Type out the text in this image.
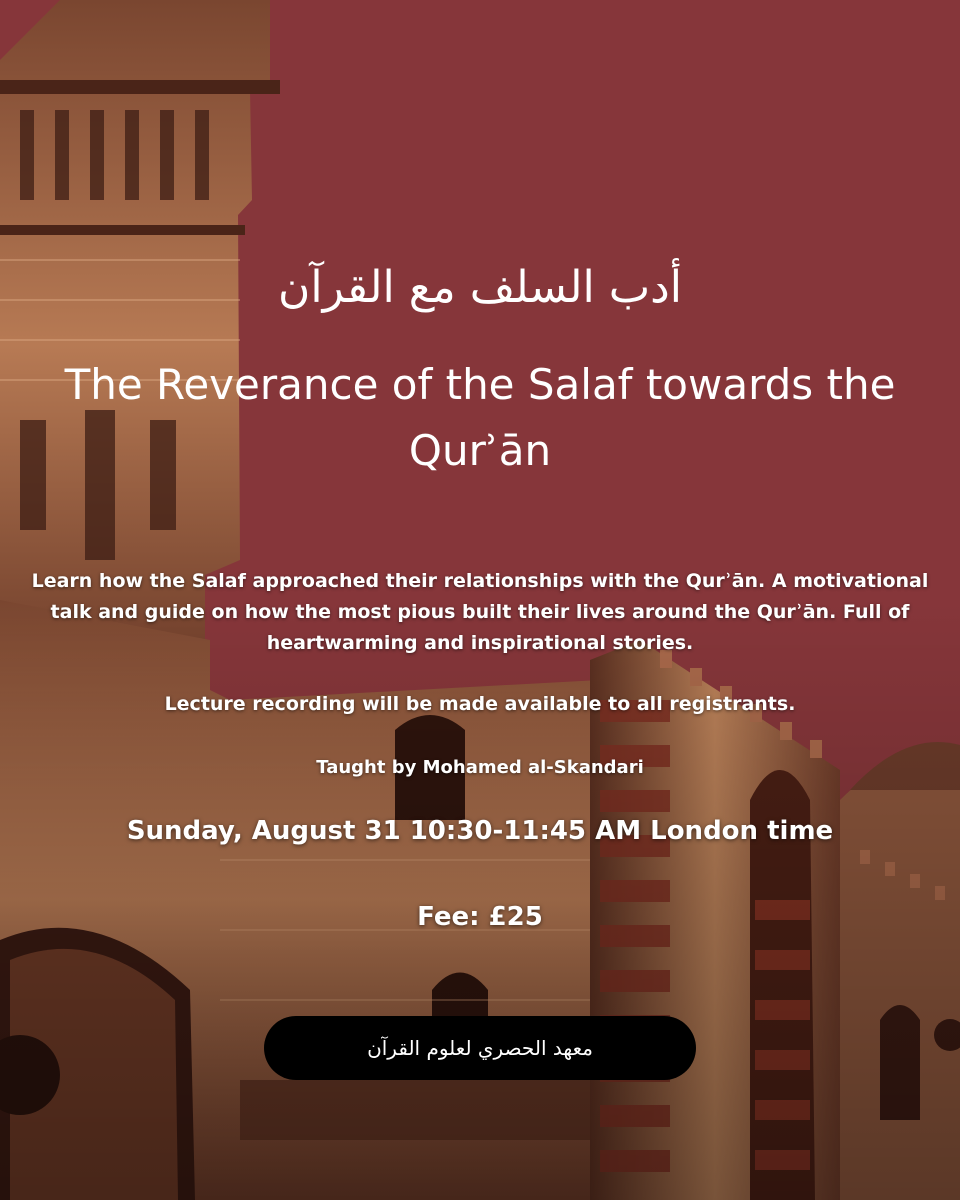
أدب السلف مع القرآن
The Reverance of the Salaf towards the Qurʾān
Learn how the Salaf approached their relationships with the Qurʾān. A motivational talk and guide on how the most pious built their lives around the Qurʾān. Full of heartwarming and inspirational stories.
Lecture recording will be made available to all registrants.
Taught by Mohamed al-Skandari
Sunday, August 31 10:30-11:45 AM London time
Fee: £25
معهد الحصري لعلوم القرآن
